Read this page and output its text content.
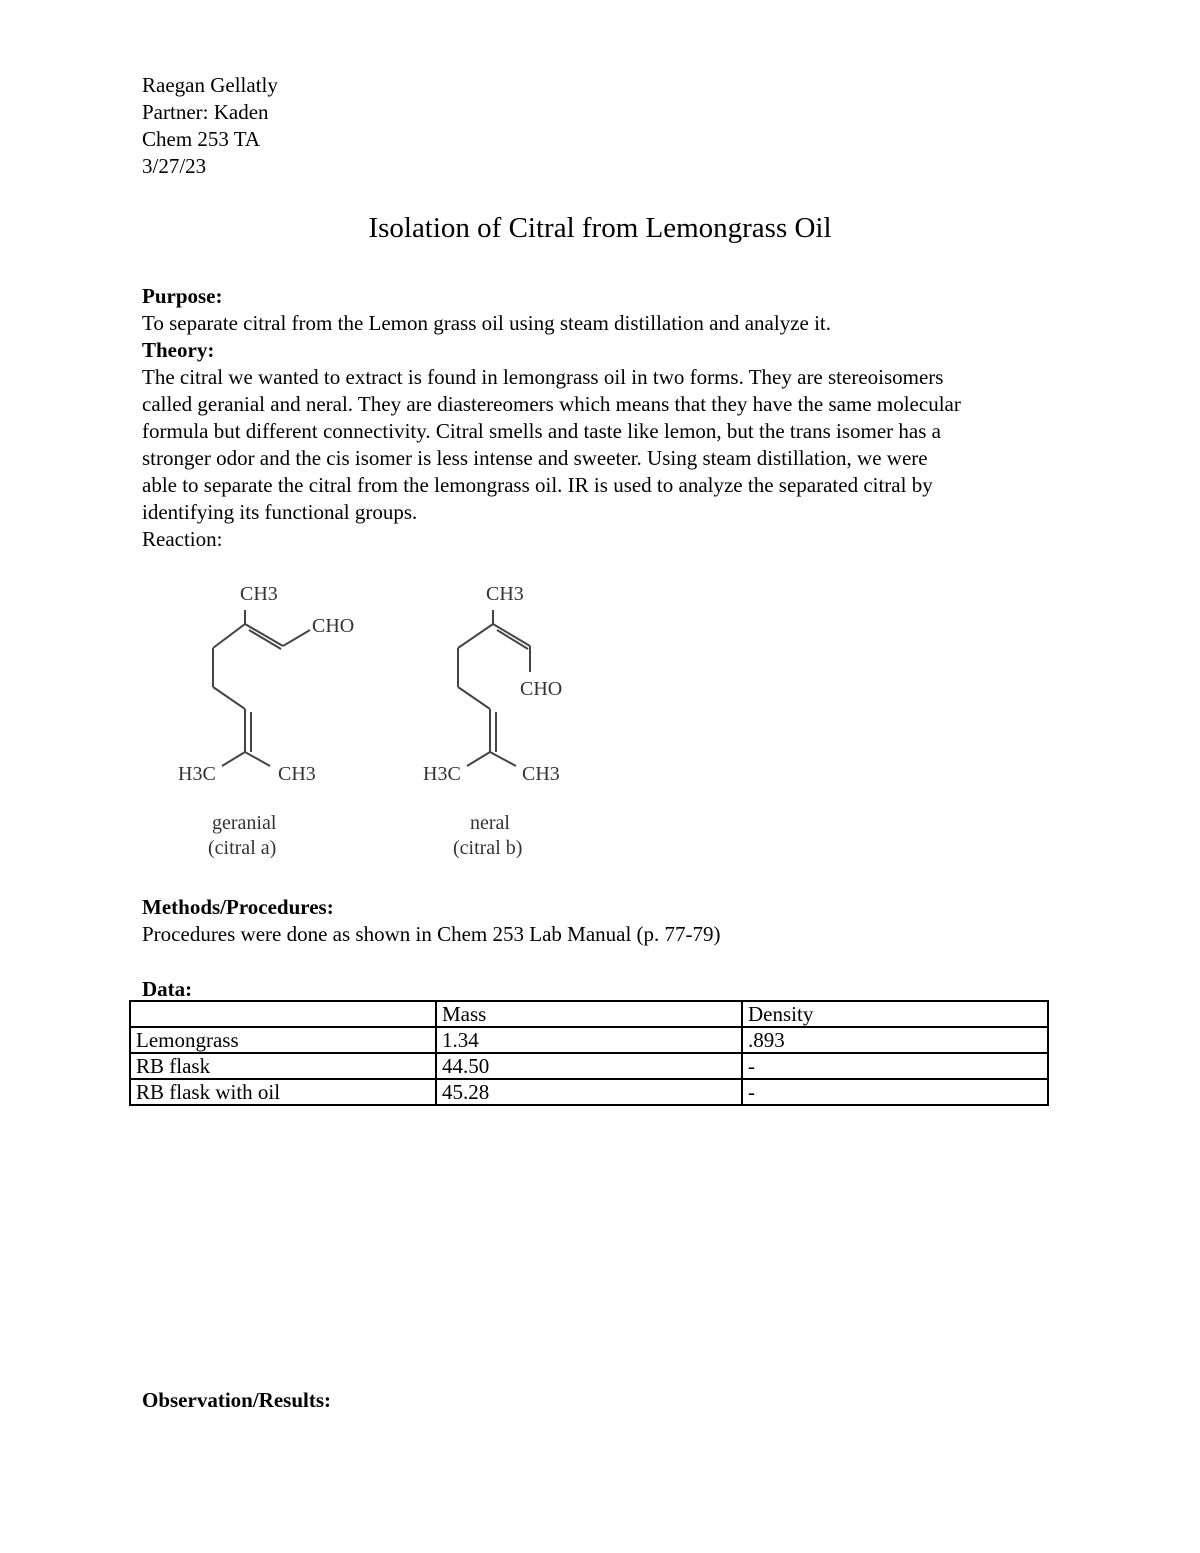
Raegan Gellatly
Partner: Kaden
Chem 253 TA
3/27/23
Isolation of Citral from Lemongrass Oil
Purpose:
To separate citral from the Lemon grass oil using steam distillation and analyze it.
Theory:
The citral we wanted to extract is found in lemongrass oil in two forms. They are stereoisomers
called geranial and neral. They are diastereomers which means that they have the same molecular
formula but different connectivity. Citral smells and taste like lemon, but the trans isomer has a
stronger odor and the cis isomer is less intense and sweeter. Using steam distillation, we were
able to separate the citral from the lemongrass oil. IR is used to analyze the separated citral by
identifying its functional groups.
Reaction:
CH3
CHO
H3C	CH3
geranial
(citral a)
CH3
CHO
H3C	CH3
neral
(citral b)
Methods/Procedures:
Procedures were done as shown in Chem 253 Lab Manual (p. 77-79)
Data:
	Mass	Density
Lemongrass	1.34	.893
RB flask	44.50	-
RB flask with oil	45.28	-
Observation/Results:
